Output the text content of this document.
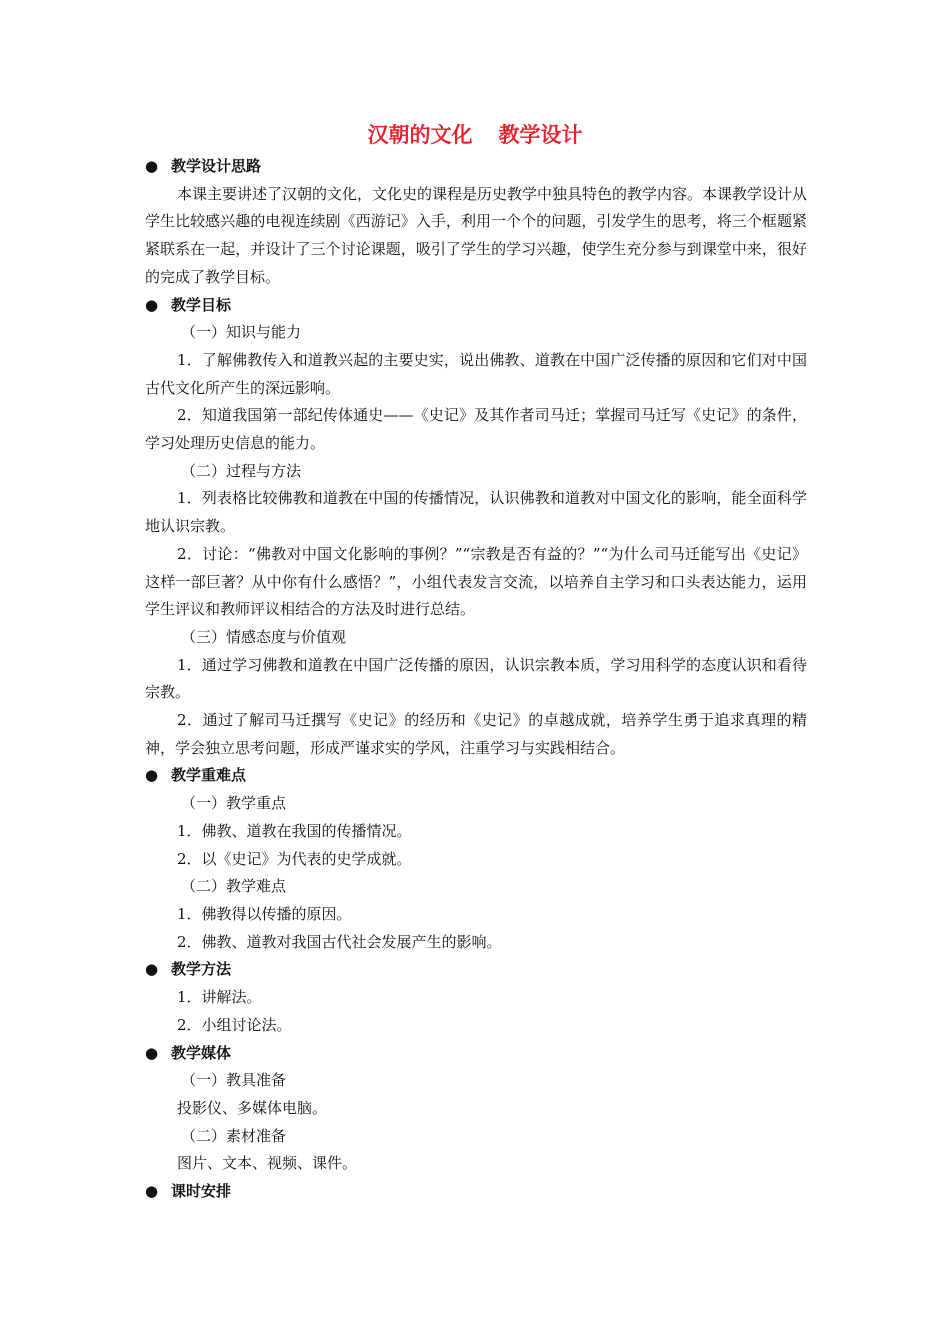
汉朝的文化 教学设计
● 教学设计思路
本课主要讲述了汉朝的文化，文化史的课程是历史教学中独具特色的教学内容。本课教学设计从学生比较感兴趣的电视连续剧《西游记》入手，利用一个个的问题，引发学生的思考，将三个框题紧紧联系在一起，并设计了三个讨论课题，吸引了学生的学习兴趣，使学生充分参与到课堂中来，很好的完成了教学目标。
● 教学目标
（一）知识与能力
1．了解佛教传入和道教兴起的主要史实，说出佛教、道教在中国广泛传播的原因和它们对中国古代文化所产生的深远影响。
2．知道我国第一部纪传体通史——《史记》及其作者司马迁；掌握司马迁写《史记》的条件，学习处理历史信息的能力。
（二）过程与方法
1．列表格比较佛教和道教在中国的传播情况，认识佛教和道教对中国文化的影响，能全面科学地认识宗教。
2．讨论：“佛教对中国文化影响的事例？”“宗教是否有益的？”“为什么司马迁能写出《史记》这样一部巨著？从中你有什么感悟？”，小组代表发言交流，以培养自主学习和口头表达能力，运用学生评议和教师评议相结合的方法及时进行总结。
（三）情感态度与价值观
1．通过学习佛教和道教在中国广泛传播的原因，认识宗教本质，学习用科学的态度认识和看待宗教。
2．通过了解司马迁撰写《史记》的经历和《史记》的卓越成就，培养学生勇于追求真理的精神，学会独立思考问题，形成严谨求实的学风，注重学习与实践相结合。
● 教学重难点
（一）教学重点
1．佛教、道教在我国的传播情况。
2．以《史记》为代表的史学成就。
（二）教学难点
1．佛教得以传播的原因。
2．佛教、道教对我国古代社会发展产生的影响。
● 教学方法
1．讲解法。
2．小组讨论法。
● 教学媒体
（一）教具准备
投影仪、多媒体电脑。
（二）素材准备
图片、文本、视频、课件。
● 课时安排
